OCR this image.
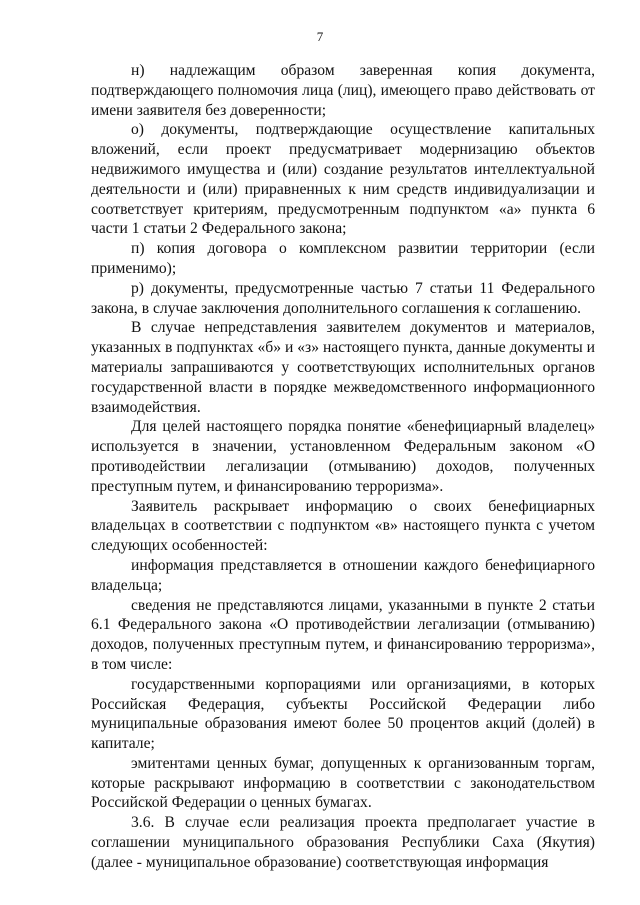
7

н) надлежащим образом заверенная копия документа, подтверждающего полномочия лица (лиц), имеющего право действовать от имени заявителя без доверенности;

о) документы, подтверждающие осуществление капитальных вложений, если проект предусматривает модернизацию объектов недвижимого имущества и (или) создание результатов интеллектуальной деятельности и (или) приравненных к ним средств индивидуализации и соответствует критериям, предусмотренным подпунктом «а» пункта 6 части 1 статьи 2 Федерального закона;

п) копия договора о комплексном развитии территории (если применимо);

р) документы, предусмотренные частью 7 статьи 11 Федерального закона, в случае заключения дополнительного соглашения к соглашению.

В случае непредставления заявителем документов и материалов, указанных в подпунктах «б» и «з» настоящего пункта, данные документы и материалы запрашиваются у соответствующих исполнительных органов государственной власти в порядке межведомственного информационного взаимодействия.

Для целей настоящего порядка понятие «бенефициарный владелец» используется в значении, установленном Федеральным законом «О противодействии легализации (отмыванию) доходов, полученных преступным путем, и финансированию терроризма».

Заявитель раскрывает информацию о своих бенефициарных владельцах в соответствии с подпунктом «в» настоящего пункта с учетом следующих особенностей:

информация представляется в отношении каждого бенефициарного владельца;

сведения не представляются лицами, указанными в пункте 2 статьи 6.1 Федерального закона «О противодействии легализации (отмыванию) доходов, полученных преступным путем, и финансированию терроризма», в том числе:

государственными корпорациями или организациями, в которых Российская Федерация, субъекты Российской Федерации либо муниципальные образования имеют более 50 процентов акций (долей) в капитале;

эмитентами ценных бумаг, допущенных к организованным торгам, которые раскрывают информацию в соответствии с законодательством Российской Федерации о ценных бумагах.

3.6. В случае если реализация проекта предполагает участие в соглашении муниципального образования Республики Саха (Якутия) (далее - муниципальное образование) соответствующая информация
